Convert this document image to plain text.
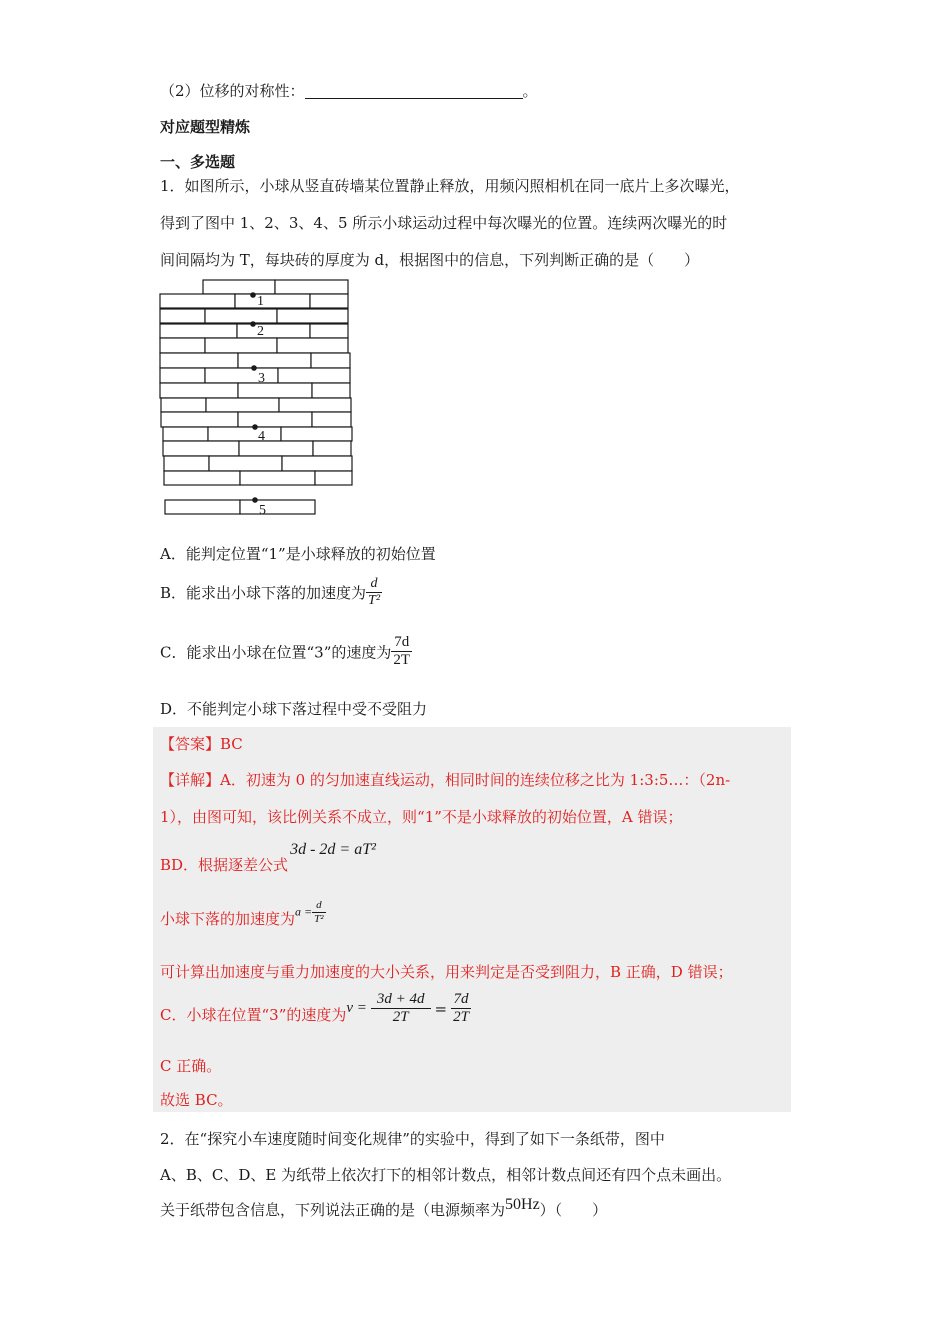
（2）位移的对称性：	。
对应题型精炼
一、多选题
1．如图所示，小球从竖直砖墙某位置静止释放，用频闪照相机在同一底片上多次曝光，
得到了图中 1、2、3、4、5 所示小球运动过程中每次曝光的位置。连续两次曝光的时
间间隔均为 T，每块砖的厚度为 d，根据图中的信息，下列判断正确的是（　　）
1
2
3
4
5
A．能判定位置“1”是小球释放的初始位置
B．能求出小球下落的加速度为 $\frac{d}{\text{T²}}$
C．能求出小球在位置“3”的速度为 $\frac{7d}{2T}$
D．不能判定小球下落过程中受不受阻力
【答案】BC
【详解】A．初速为 0 的匀加速直线运动，相同时间的连续位移之比为 1:3:5…：（2n-
1），由图可知，该比例关系不成立，则“1”不是小球释放的初始位置，A 错误；
BD．根据逐差公式3d - 2d = aT²
小球下落的加速度为$a = \frac{d}{\text{T²}}$
可计算出加速度与重力加速度的大小关系，用来判定是否受到阻力，B 正确，D 错误；
C．小球在位置“3”的速度为$v = \frac{3d + 4d}{2T} = \frac{7d}{2T}$
C 正确。
故选 BC。
2．在“探究小车速度随时间变化规律”的实验中，得到了如下一条纸带，图中
A、B、C、D、E 为纸带上依次打下的相邻计数点，相邻计数点间还有四个点未画出。
关于纸带包含信息，下列说法正确的是（电源频率为50Hz）（　　）
